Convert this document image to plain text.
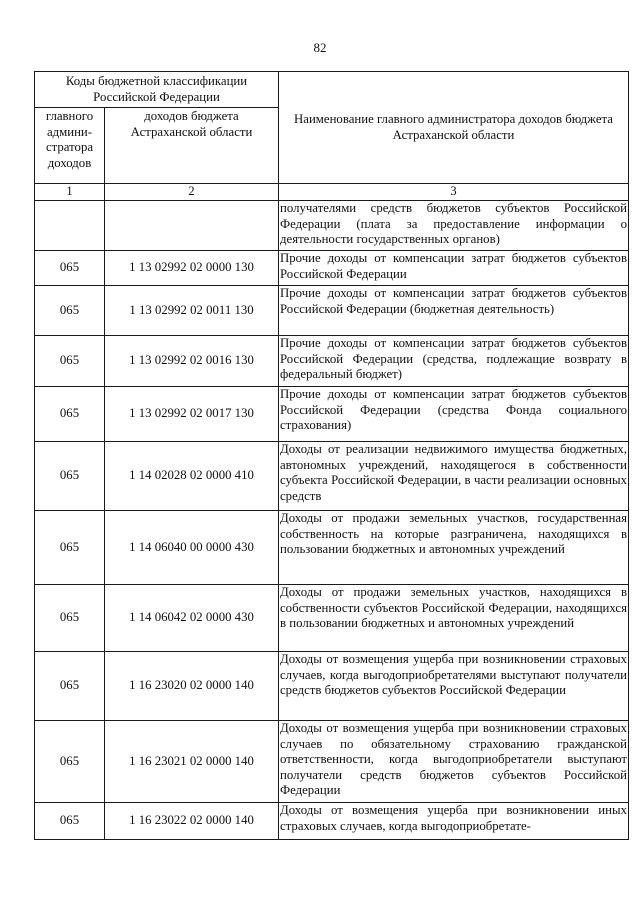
82
Коды бюджетной классификации Российской Федерации		Наименование главного администратора доходов бюджета Астраханской области
главного админи-стратора доходов	доходов бюджета Астраханской области	
1	2	3
		получателями средств бюджетов субъектов Российской Федерации (плата за предоставление информации о деятельности государственных органов)
065	1 13 02992 02 0000 130	Прочие доходы от компенсации затрат бюджетов субъектов Российской Федерации
065	1 13 02992 02 0011 130	Прочие доходы от компенсации затрат бюджетов субъектов Российской Федерации (бюджетная деятельность)
065	1 13 02992 02 0016 130	Прочие доходы от компенсации затрат бюджетов субъектов Российской Федерации (средства, подлежащие возврату в федеральный бюджет)
065	1 13 02992 02 0017 130	Прочие доходы от компенсации затрат бюджетов субъектов Российской Федерации (средства Фонда социального страхования)
065	1 14 02028 02 0000 410	Доходы от реализации недвижимого имущества бюджетных, автономных учреждений, находящегося в собственности субъекта Российской Федерации, в части реализации основных средств
065	1 14 06040 00 0000 430	Доходы от продажи земельных участков, государственная собственность на которые разграничена, находящихся в пользовании бюджетных и автономных учреждений
065	1 14 06042 02 0000 430	Доходы от продажи земельных участков, находящихся в собственности субъектов Российской Федерации, находящихся в пользовании бюджетных и автономных учреждений
065	1 16 23020 02 0000 140	Доходы от возмещения ущерба при возникновении страховых случаев, когда выгодоприобретателями выступают получатели средств бюджетов субъектов Российской Федерации
065	1 16 23021 02 0000 140	Доходы от возмещения ущерба при возникновении страховых случаев по обязательному страхованию гражданской ответственности, когда выгодоприобретатели выступают получатели средств бюджетов субъектов Российской Федерации
065	1 16 23022 02 0000 140	Доходы от возмещения ущерба при возникновении иных страховых случаев, когда выгодоприобретате-
